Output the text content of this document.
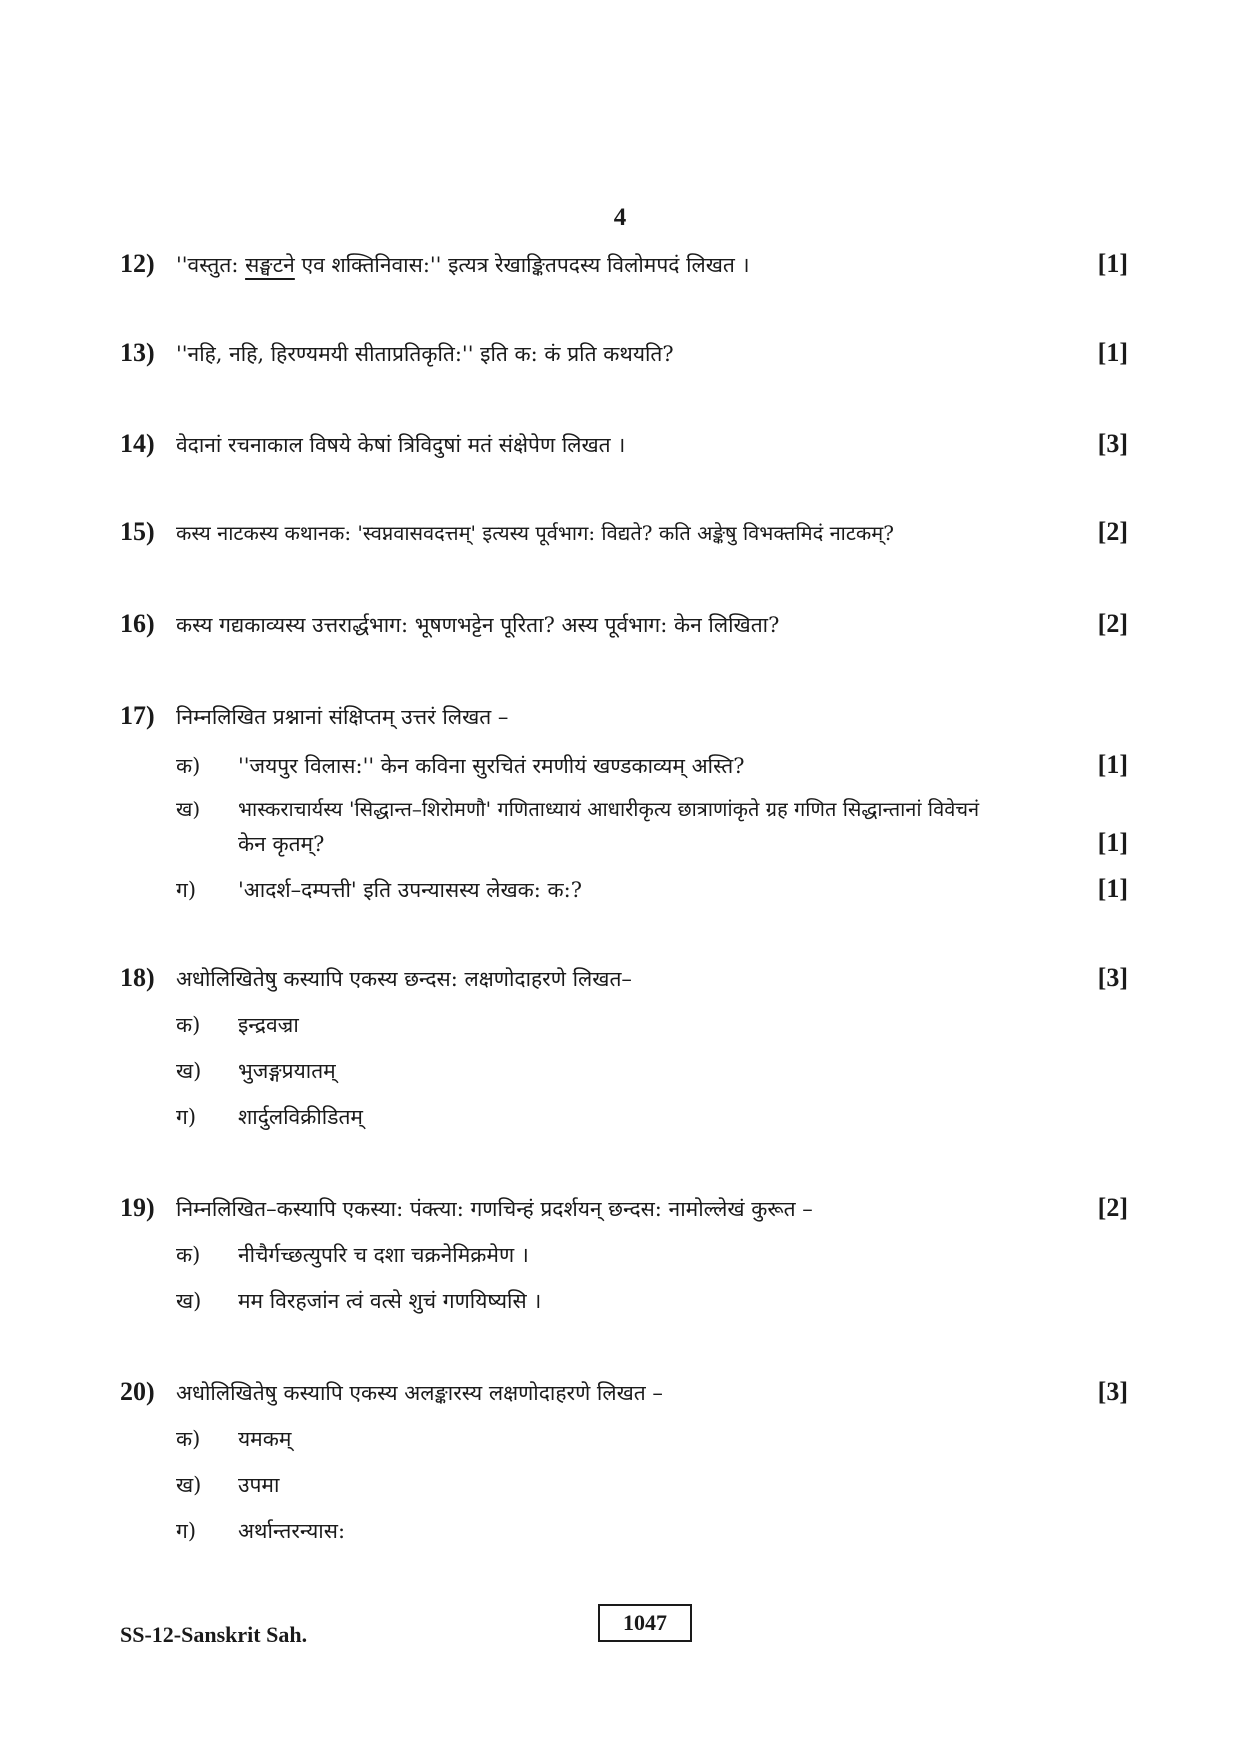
4
12)	''वस्तुत: सङ्घटने एव शक्तिनिवास:'' इत्यत्र रेखाङ्कितपदस्य विलोमपदं लिखत ।	[1]
13)	''नहि, नहि, हिरण्यमयी सीताप्रतिकृति:'' इति क: कं प्रति कथयति?	[1]
14)	वेदानां रचनाकाल विषये केषां त्रिविदुषां मतं संक्षेपेण लिखत ।	[3]
15)	कस्य नाटकस्य कथानक: 'स्वप्नवासवदत्तम्' इत्यस्य पूर्वभाग: विद्यते? कति अङ्केषु विभक्तमिदं नाटकम्?	[2]
16)	कस्य गद्यकाव्यस्य उत्तरार्द्धभाग: भूषणभट्टेन पूरिता? अस्य पूर्वभाग: केन लिखिता?	[2]
17)	निम्नलिखित प्रश्नानां संक्षिप्तम् उत्तरं लिखत –
क)	''जयपुर विलास:'' केन कविना सुरचितं रमणीयं खण्डकाव्यम् अस्ति?	[1]
ख)	भास्कराचार्यस्य 'सिद्धान्त–शिरोमणौ' गणिताध्यायं आधारीकृत्य छात्राणांकृते ग्रह गणित सिद्धान्तानां विवेचनं
केन कृतम्?	[1]
ग)	'आदर्श–दम्पत्ती' इति उपन्यासस्य लेखक: क:?	[1]
18)	अधोलिखितेषु कस्यापि एकस्य छन्दस: लक्षणोदाहरणे लिखत–	[3]
क)	इन्द्रवज्रा
ख)	भुजङ्गप्रयातम्
ग)	शार्दुलविक्रीडितम्
19)	निम्नलिखित–कस्यापि एकस्या: पंक्त्या: गणचिन्हं प्रदर्शयन् छन्दस: नामोल्लेखं कुरूत –	[2]
क)	नीचैर्गच्छत्युपरि च दशा चक्रनेमिक्रमेण ।
ख)	मम विरहजांन त्वं वत्से शुचं गणयिष्यसि ।
20)	अधोलिखितेषु कस्यापि एकस्य अलङ्कारस्य लक्षणोदाहरणे लिखत –	[3]
क)	यमकम्
ख)	उपमा
ग)	अर्थान्तरन्यास:
SS-12-Sanskrit Sah.	1047
